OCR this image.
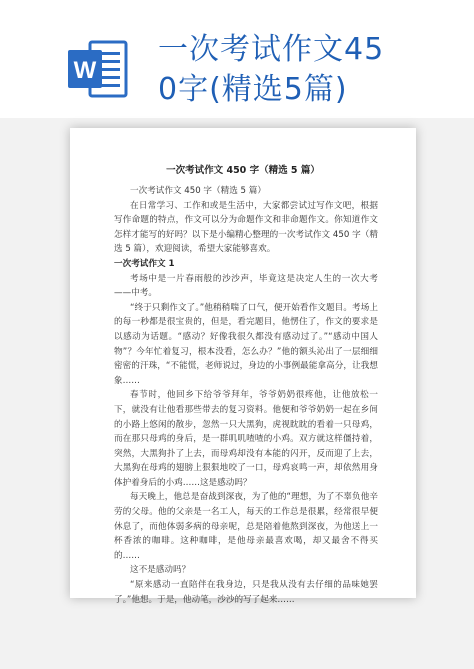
W
一次考试作文45
0字(精选5篇)
一次考试作文 450 字（精选 5 篇）

一次考试作文 450 字（精选 5 篇）

在日常学习、工作和或是生活中，大家都尝试过写作文吧，根据写作命题的特点，作文可以分为命题作文和非命题作文。你知道作文怎样才能写的好吗？以下是小编精心整理的一次考试作文 450 字（精选 5 篇），欢迎阅读，希望大家能够喜欢。

一次考试作文 1

考场中是一片春雨般的沙沙声，毕竟这是决定人生的一次大考——中考。

“终于只剩作文了。”他稍稍喘了口气，便开始看作文题目。考场上的每一秒都是很宝贵的，但是，看完题目，他愣住了，作文的要求是以感动为话题。“感动？好像我很久都没有感动过了。”“感动中国人物”？今年忙着复习，根本没看，怎么办？”他的额头沁出了一层细细密密的汗珠，“不能慌，老师说过，身边的小事例最能拿高分，让我想象……

春节时，他回乡下给爷爷拜年，爷爷奶奶很疼他，让他放松一下，就没有让他看那些带去的复习资料。他便和爷爷奶奶一起在乡间的小路上悠闲的散步，忽然一只大黑狗，虎视眈眈的看着一只母鸡，而在那只母鸡的身后，是一群叽叽喳喳的小鸡。双方就这样僵持着，突然，大黑狗扑了上去，而母鸡却没有本能的闪开，反而迎了上去，大黑狗在母鸡的翅膀上狠狠地咬了一口，母鸡哀鸣一声，却依然用身体护着身后的小鸡……这是感动吗？

每天晚上，他总是奋战到深夜，为了他的“理想，为了不辜负他辛劳的父母。他的父亲是一名工人，每天的工作总是很累，经常很早便休息了，而他体弱多病的母亲呢，总是陪着他熬到深夜，为他送上一杯香浓的咖啡。这种咖啡，是他母亲最喜欢喝，却又最舍不得买的……

这不是感动吗？

“原来感动一直陪伴在我身边，只是我从没有去仔细的品味她罢了。”他想。于是，他动笔，沙沙的写了起来……
